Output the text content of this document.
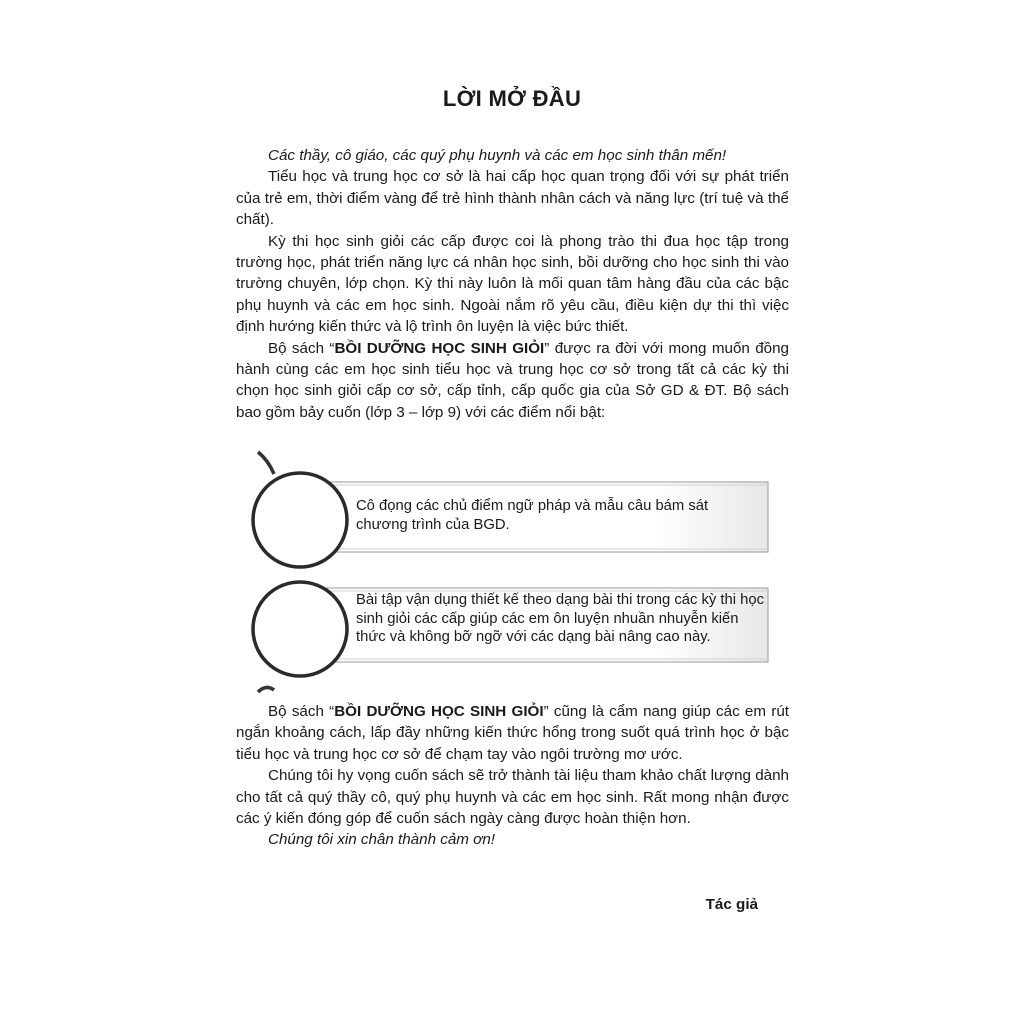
LỜI MỞ ĐẦU

Các thầy, cô giáo, các quý phụ huynh và các em học sinh thân mến!

Tiểu học và trung học cơ sở là hai cấp học quan trọng đối với sự phát triển của trẻ em, thời điểm vàng để trẻ hình thành nhân cách và năng lực (trí tuệ và thể chất).

Kỳ thi học sinh giỏi các cấp được coi là phong trào thi đua học tập trong trường học, phát triển năng lực cá nhân học sinh, bồi dưỡng cho học sinh thi vào trường chuyên, lớp chọn. Kỳ thi này luôn là mối quan tâm hàng đầu của các bậc phụ huynh và các em học sinh. Ngoài nắm rõ yêu cầu, điều kiện dự thi thì việc định hướng kiến thức và lộ trình ôn luyện là việc bức thiết.

Bộ sách “BỒI DƯỠNG HỌC SINH GIỎI” được ra đời với mong muốn đồng hành cùng các em học sinh tiểu học và trung học cơ sở trong tất cả các kỳ thi chọn học sinh giỏi cấp cơ sở, cấp tỉnh, cấp quốc gia của Sở GD & ĐT. Bộ sách bao gồm bảy cuốn (lớp 3 – lớp 9) với các điểm nổi bật:

Cô đọng các chủ điểm ngữ pháp và mẫu câu bám sát chương trình của BGD.
Bài tập vận dụng thiết kế theo dạng bài thi trong các kỳ thi học sinh giỏi các cấp giúp các em ôn luyện nhuần nhuyễn kiến thức và không bỡ ngỡ với các dạng bài nâng cao này.

Bộ sách “BỒI DƯỠNG HỌC SINH GIỎI” cũng là cẩm nang giúp các em rút ngắn khoảng cách, lấp đầy những kiến thức hổng trong suốt quá trình học ở bậc tiểu học và trung học cơ sở để chạm tay vào ngôi trường mơ ước.

Chúng tôi hy vọng cuốn sách sẽ trở thành tài liệu tham khảo chất lượng dành cho tất cả quý thầy cô, quý phụ huynh và các em học sinh. Rất mong nhận được các ý kiến đóng góp để cuốn sách ngày càng được hoàn thiện hơn.

Chúng tôi xin chân thành cảm ơn!

Tác giả
